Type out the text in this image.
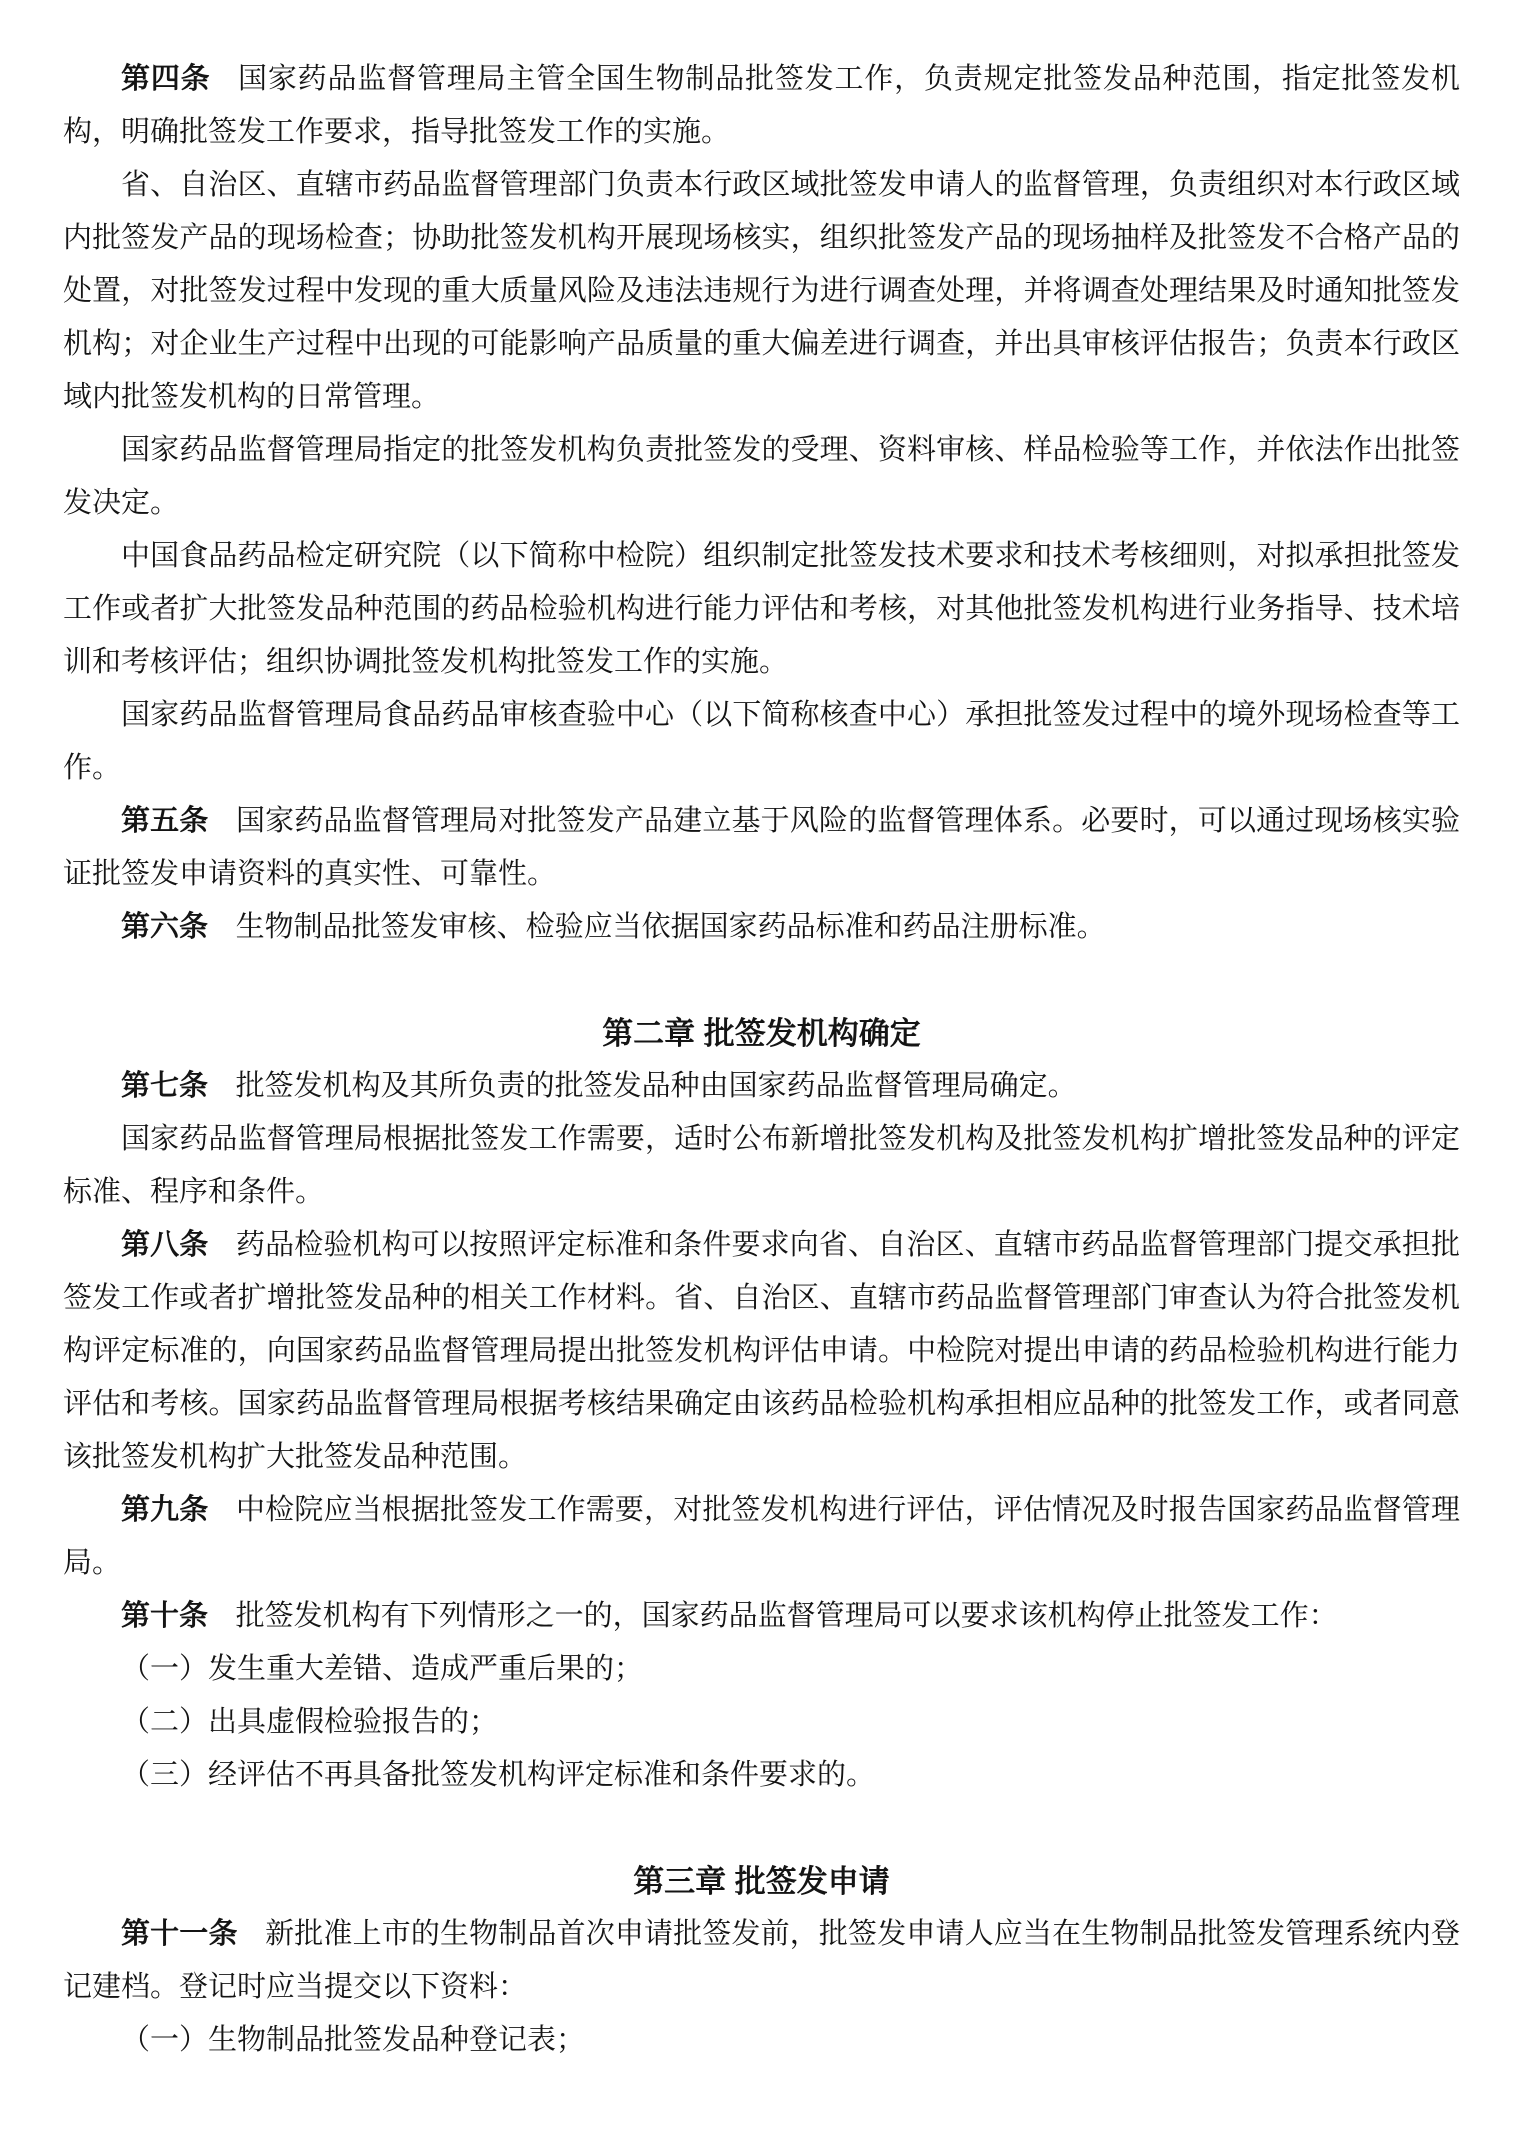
第四条 国家药品监督管理局主管全国生物制品批签发工作，负责规定批签发品种范围，指定批签发机构，明确批签发工作要求，指导批签发工作的实施。

省、自治区、直辖市药品监督管理部门负责本行政区域批签发申请人的监督管理，负责组织对本行政区域内批签发产品的现场检查；协助批签发机构开展现场核实，组织批签发产品的现场抽样及批签发不合格产品的处置，对批签发过程中发现的重大质量风险及违法违规行为进行调查处理，并将调查处理结果及时通知批签发机构；对企业生产过程中出现的可能影响产品质量的重大偏差进行调查，并出具审核评估报告；负责本行政区域内批签发机构的日常管理。

国家药品监督管理局指定的批签发机构负责批签发的受理、资料审核、样品检验等工作，并依法作出批签发决定。

中国食品药品检定研究院（以下简称中检院）组织制定批签发技术要求和技术考核细则，对拟承担批签发工作或者扩大批签发品种范围的药品检验机构进行能力评估和考核，对其他批签发机构进行业务指导、技术培训和考核评估；组织协调批签发机构批签发工作的实施。

国家药品监督管理局食品药品审核查验中心（以下简称核查中心）承担批签发过程中的境外现场检查等工作。

第五条 国家药品监督管理局对批签发产品建立基于风险的监督管理体系。必要时，可以通过现场核实验证批签发申请资料的真实性、可靠性。

第六条 生物制品批签发审核、检验应当依据国家药品标准和药品注册标准。

第二章 批签发机构确定

第七条 批签发机构及其所负责的批签发品种由国家药品监督管理局确定。

国家药品监督管理局根据批签发工作需要，适时公布新增批签发机构及批签发机构扩增批签发品种的评定标准、程序和条件。

第八条 药品检验机构可以按照评定标准和条件要求向省、自治区、直辖市药品监督管理部门提交承担批签发工作或者扩增批签发品种的相关工作材料。省、自治区、直辖市药品监督管理部门审查认为符合批签发机构评定标准的，向国家药品监督管理局提出批签发机构评估申请。中检院对提出申请的药品检验机构进行能力评估和考核。国家药品监督管理局根据考核结果确定由该药品检验机构承担相应品种的批签发工作，或者同意该批签发机构扩大批签发品种范围。

第九条 中检院应当根据批签发工作需要，对批签发机构进行评估，评估情况及时报告国家药品监督管理局。

第十条 批签发机构有下列情形之一的，国家药品监督管理局可以要求该机构停止批签发工作：

（一）发生重大差错、造成严重后果的；

（二）出具虚假检验报告的；

（三）经评估不再具备批签发机构评定标准和条件要求的。

第三章 批签发申请

第十一条 新批准上市的生物制品首次申请批签发前，批签发申请人应当在生物制品批签发管理系统内登记建档。登记时应当提交以下资料：

（一）生物制品批签发品种登记表；
